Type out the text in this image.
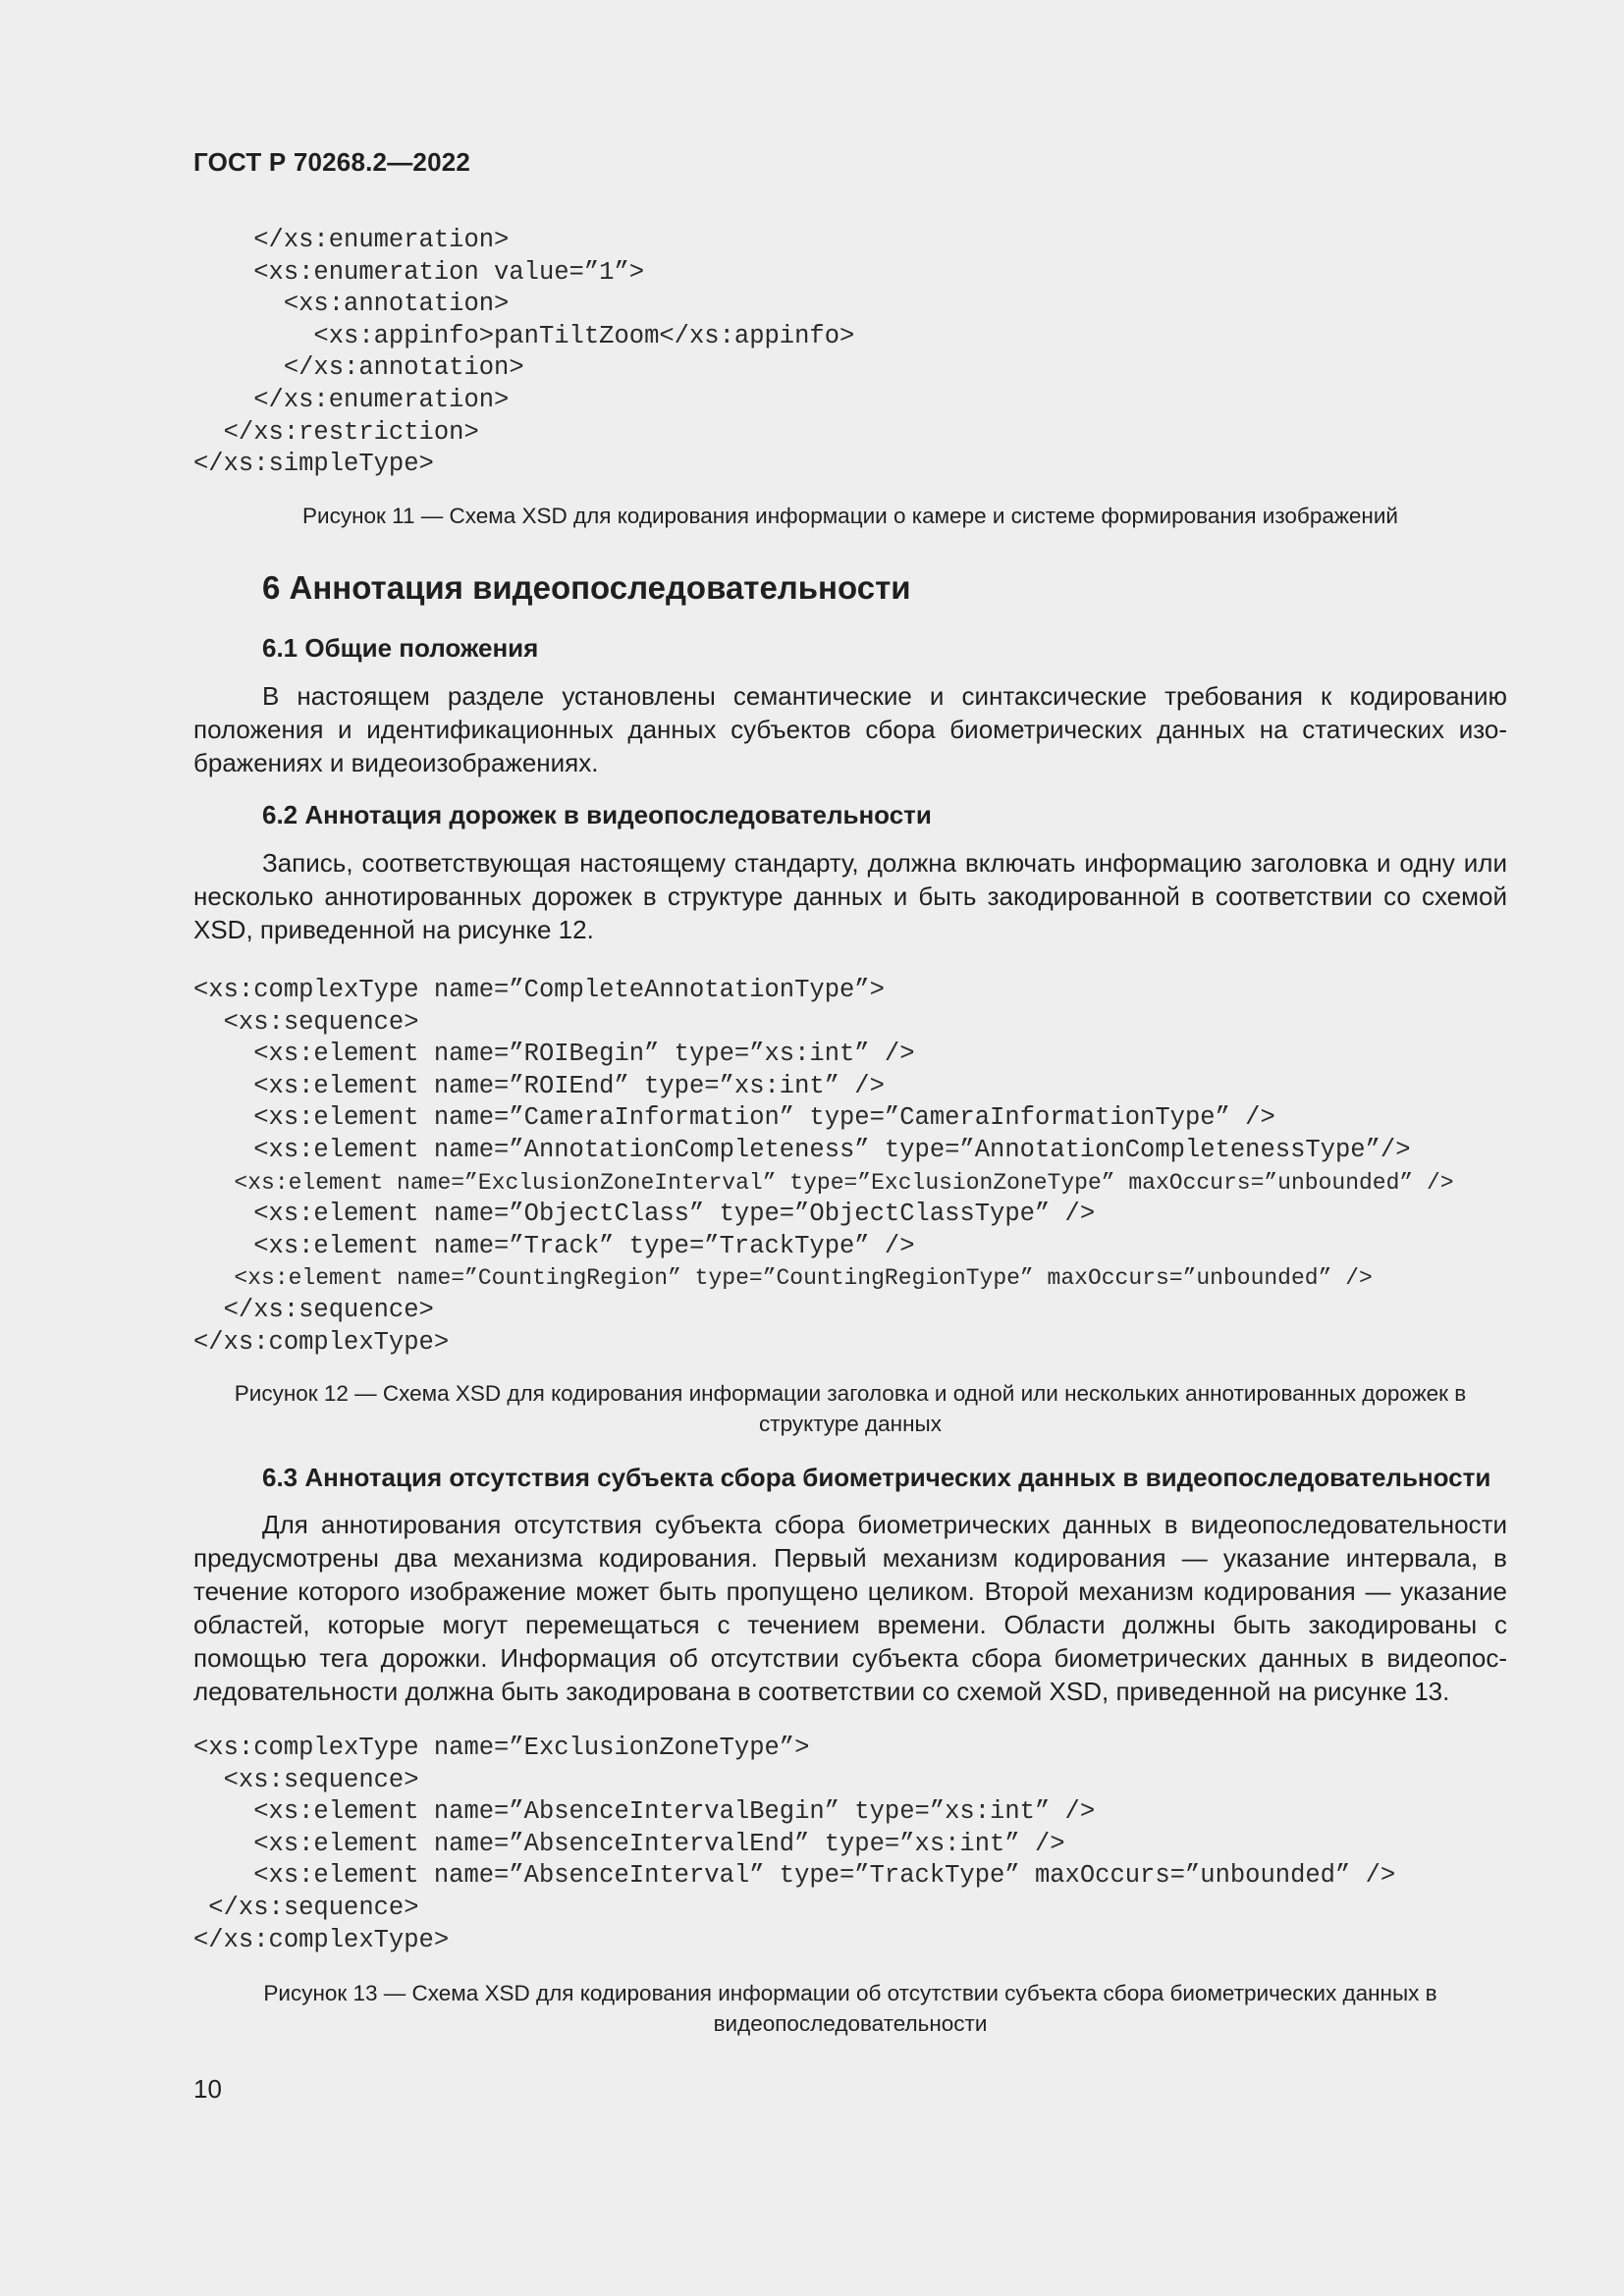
ГОСТ Р 70268.2—2022
</xs:enumeration>
<xs:enumeration value=”1”>
<xs:annotation>
<xs:appinfo>panTiltZoom</xs:appinfo>
</xs:annotation>
</xs:enumeration>
</xs:restriction>
</xs:simpleType>
Рисунок 11 — Схема XSD для кодирования информации о камере и системе формирования изображений
6 Аннотация видеопоследовательности
6.1 Общие положения

В настоящем разделе установлены семантические и синтаксические требования к кодированию положения и идентификационных данных субъектов сбора биометрических данных на статических изображениях и видеоизображениях.

6.2 Аннотация дорожек в видеопоследовательности

Запись, соответствующая настоящему стандарту, должна включать информацию заголовка и одну или несколько аннотированных дорожек в структуре данных и быть закодированной в соответствии со схемой XSD, приведенной на рисунке 12.

<xs:complexType name=”CompleteAnnotationType”>
<xs:sequence>
<xs:element name=”ROIBegin” type=”xs:int” />
<xs:element name=”ROIEnd” type=”xs:int” />
<xs:element name=”CameraInformation” type=”CameraInformationType” />
<xs:element name=”AnnotationCompleteness” type=”AnnotationCompletenessType”/>
<xs:element name=”ExclusionZoneInterval” type=”ExclusionZoneType” maxOccurs=”unbounded” />
<xs:element name=”ObjectClass” type=”ObjectClassType” />
<xs:element name=”Track” type=”TrackType” />
<xs:element name=”CountingRegion” type=”CountingRegionType” maxOccurs=”unbounded” />
</xs:sequence>
</xs:complexType>
Рисунок 12 — Схема XSD для кодирования информации заголовка и одной или нескольких аннотированных дорожек в структуре данных
6.3 Аннотация отсутствия субъекта сбора биометрических данных в видеопоследовательности

Для аннотирования отсутствия субъекта сбора биометрических данных в видеопоследовательности предусмотрены два механизма кодирования. Первый механизм кодирования — указание интервала, в течение которого изображение может быть пропущено целиком. Второй механизм кодирования — указание областей, которые могут перемещаться с течением времени. Области должны быть закодированы с помощью тега дорожки. Информация об отсутствии субъекта сбора биометрических данных в видеопоследовательности должна быть закодирована в соответствии со схемой XSD, приведенной на рисунке 13.

<xs:complexType name=”ExclusionZoneType”>
<xs:sequence>
<xs:element name=”AbsenceIntervalBegin” type=”xs:int” />
<xs:element name=”AbsenceIntervalEnd” type=”xs:int” />
<xs:element name=”AbsenceInterval” type=”TrackType” maxOccurs=”unbounded” />
</xs:sequence>
</xs:complexType>
Рисунок 13 — Схема XSD для кодирования информации об отсутствии субъекта сбора биометрических данных в видеопоследовательности
10
